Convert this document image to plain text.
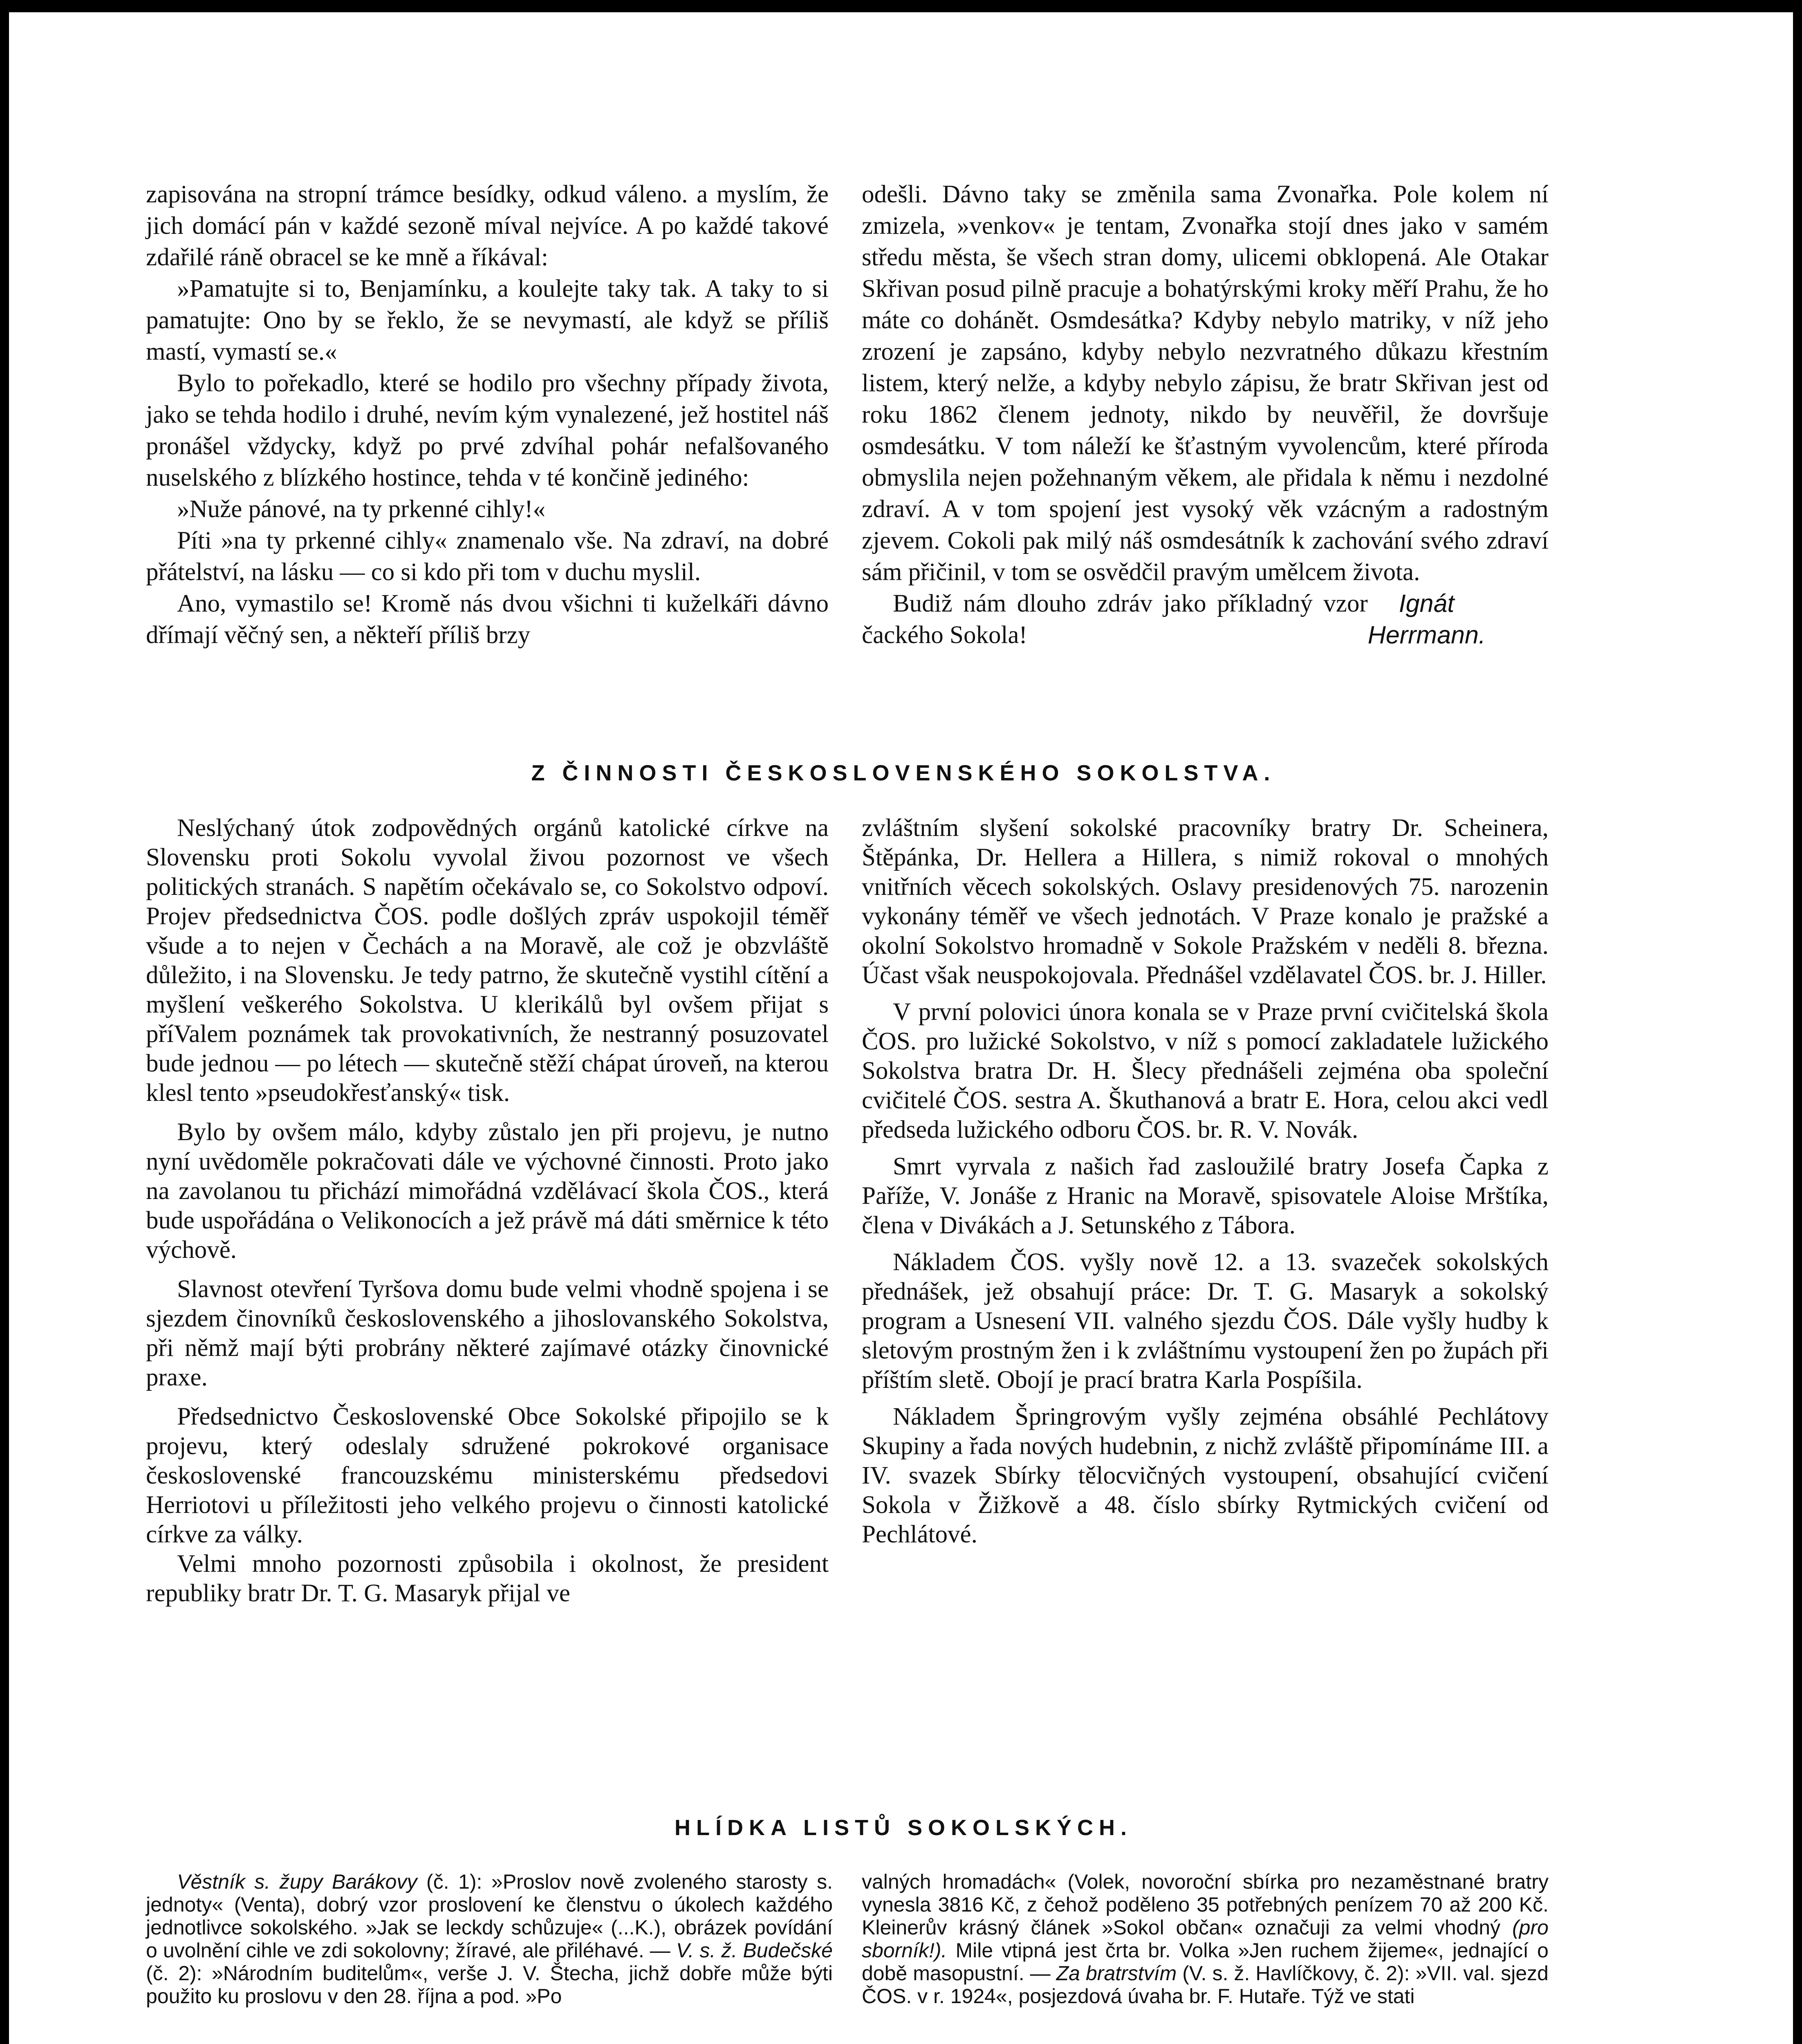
zapisována na stropní trámce besídky, odkud váleno. a myslím, že jich domácí pán v každé sezoně míval nejvíce. A po každé takové zdařilé ráně obracel se ke mně a říkával:

»Pamatujte si to, Benjamínku, a koulejte taky tak. A taky to si pamatujte: Ono by se řeklo, že se nevymastí, ale když se příliš mastí, vymastí se.«

Bylo to pořekadlo, které se hodilo pro všechny případy života, jako se tehda hodilo i druhé, nevím kým vynalezené, jež hostitel náš pronášel vždycky, když po prvé zdvíhal pohár nefalšovaného nuselského z blízkého hostince, tehda v té končině jediného:

»Nuže pánové, na ty prkenné cihly!«

Píti »na ty prkenné cihly« znamenalo vše. Na zdraví, na dobré přátelství, na lásku — co si kdo při tom v duchu myslil.

Ano, vymastilo se! Kromě nás dvou všichni ti kuželkáři dávno dřímají věčný sen, a někteří příliš brzy

odešli. Dávno taky se změnila sama Zvonařka. Pole kolem ní zmizela, »venkov« je tentam, Zvonařka stojí dnes jako v samém středu města, še všech stran domy, ulicemi obklopená. Ale Otakar Skřivan posud pilně pracuje a bohatýrskými kroky měří Prahu, že ho máte co dohánět. Osmdesátka? Kdyby nebylo matriky, v níž jeho zrození je zapsáno, kdyby nebylo nezvratného důkazu křestním listem, který nelže, a kdyby nebylo zápisu, že bratr Skřivan jest od roku 1862 členem jednoty, nikdo by neuvěřil, že dovršuje osmdesátku. V tom náleží ke šťastným vyvolencům, které příroda obmyslila nejen požehnaným věkem, ale přidala k němu i nezdolné zdraví. A v tom spojení jest vysoký věk vzácným a radostným zjevem. Cokoli pak milý náš osmdesátník k zachování svého zdraví sám přičinil, v tom se osvědčil pravým umělcem života.

Budiž nám dlouho zdráv jako příkladný vzor čackého Sokola!
Ignát Herrmann.
Z ČINNOSTI ČESKOSLOVENSKÉHO SOKOLSTVA.

Neslýchaný útok zodpovědných orgánů katolické církve na Slovensku proti Sokolu vyvolal živou pozornost ve všech politických stranách. S napětím očekávalo se, co Sokolstvo odpoví. Projev předsednictva ČOS. podle došlých zpráv uspokojil téměř všude a to nejen v Čechách a na Moravě, ale což je obzvláště důležito, i na Slovensku. Je tedy patrno, že skutečně vystihl cítění a myšlení veškerého Sokolstva. U klerikálů byl ovšem přijat s příValem poznámek tak provokativních, že nestranný posuzovatel bude jednou — po létech — skutečně stěží chápat úroveň, na kterou klesl tento »pseudokřesťanský« tisk.

Bylo by ovšem málo, kdyby zůstalo jen při projevu, je nutno nyní uvědoměle pokračovati dále ve výchovné činnosti. Proto jako na zavolanou tu přichází mimořádná vzdělávací škola ČOS., která bude uspořádána o Velikonocích a jež právě má dáti směrnice k této výchově.

Slavnost otevření Tyršova domu bude velmi vhodně spojena i se sjezdem činovníků československého a jihoslovanského Sokolstva, při němž mají býti probrány některé zajímavé otázky činovnické praxe.

Předsednictvo Československé Obce Sokolské připojilo se k projevu, který odeslaly sdružené pokrokové organisace československé francouzskému ministerskému předsedovi Herriotovi u příležitosti jeho velkého projevu o činnosti katolické církve za války.

Velmi mnoho pozornosti způsobila i okolnost, že president republiky bratr Dr. T. G. Masaryk přijal ve

zvláštním slyšení sokolské pracovníky bratry Dr. Scheinera, Štěpánka, Dr. Hellera a Hillera, s nimiž rokoval o mnohých vnitřních věcech sokolských. Oslavy presidenových 75. narozenin vykonány téměř ve všech jednotách. V Praze konalo je pražské a okolní Sokolstvo hromadně v Sokole Pražském v neděli 8. března. Účast však neuspokojovala. Přednášel vzdělavatel ČOS. br. J. Hiller.

V první polovici února konala se v Praze první cvičitelská škola ČOS. pro lužické Sokolstvo, v níž s pomocí zakladatele lužického Sokolstva bratra Dr. H. Šlecy přednášeli zejména oba společní cvičitelé ČOS. sestra A. Škuthanová a bratr E. Hora, celou akci vedl předseda lužického odboru ČOS. br. R. V. Novák.

Smrt vyrvala z našich řad zasloužilé bratry Josefa Čapka z Paříže, V. Jonáše z Hranic na Moravě, spisovatele Aloise Mrštíka, člena v Divákách a J. Setunského z Tábora.

Nákladem ČOS. vyšly nově 12. a 13. svazeček sokolských přednášek, jež obsahují práce: Dr. T. G. Masaryk a sokolský program a Usnesení VII. valného sjezdu ČOS. Dále vyšly hudby k sletovým prostným žen i k zvláštnímu vystoupení žen po župách při příštím sletě. Obojí je prací bratra Karla Pospíšila.

Nákladem Špringrovým vyšly zejména obsáhlé Pechlátovy Skupiny a řada nových hudebnin, z nichž zvláště připomínáme III. a IV. svazek Sbírky tělocvičných vystoupení, obsahující cvičení Sokola v Žižkově a 48. číslo sbírky Rytmických cvičení od Pechlátové.

HLÍDKA LISTŮ SOKOLSKÝCH.

Věstník s. župy Barákovy (č. 1): »Proslov nově zvoleného starosty s. jednoty« (Venta), dobrý vzor proslovení ke členstvu o úkolech každého jednotlivce sokolského. »Jak se leckdy schůzuje« (...K.), obrázek povídání o uvolnění cihle ve zdi sokolovny; žíravé, ale přiléhavé. — V. s. ž. Budečské (č. 2): »Národním buditelům«, verše J. V. Štecha, jichž dobře může býti použito ku proslovu v den 28. října a pod. »Po

valných hromadách« (Volek, novoroční sbírka pro nezaměstnané bratry vynesla 3816 Kč, z čehož poděleno 35 potřebných penízem 70 až 200 Kč. Kleinerův krásný článek »Sokol občan« označuji za velmi vhodný (pro sborník!). Mile vtipná jest črta br. Volka »Jen ruchem žijeme«, jednající o době masopustní. — Za bratrstvím (V. s. ž. Havlíčkovy, č. 2): »VII. val. sjezd ČOS. v r. 1924«, posjezdová úvaha br. F. Hutaře. Týž ve stati
